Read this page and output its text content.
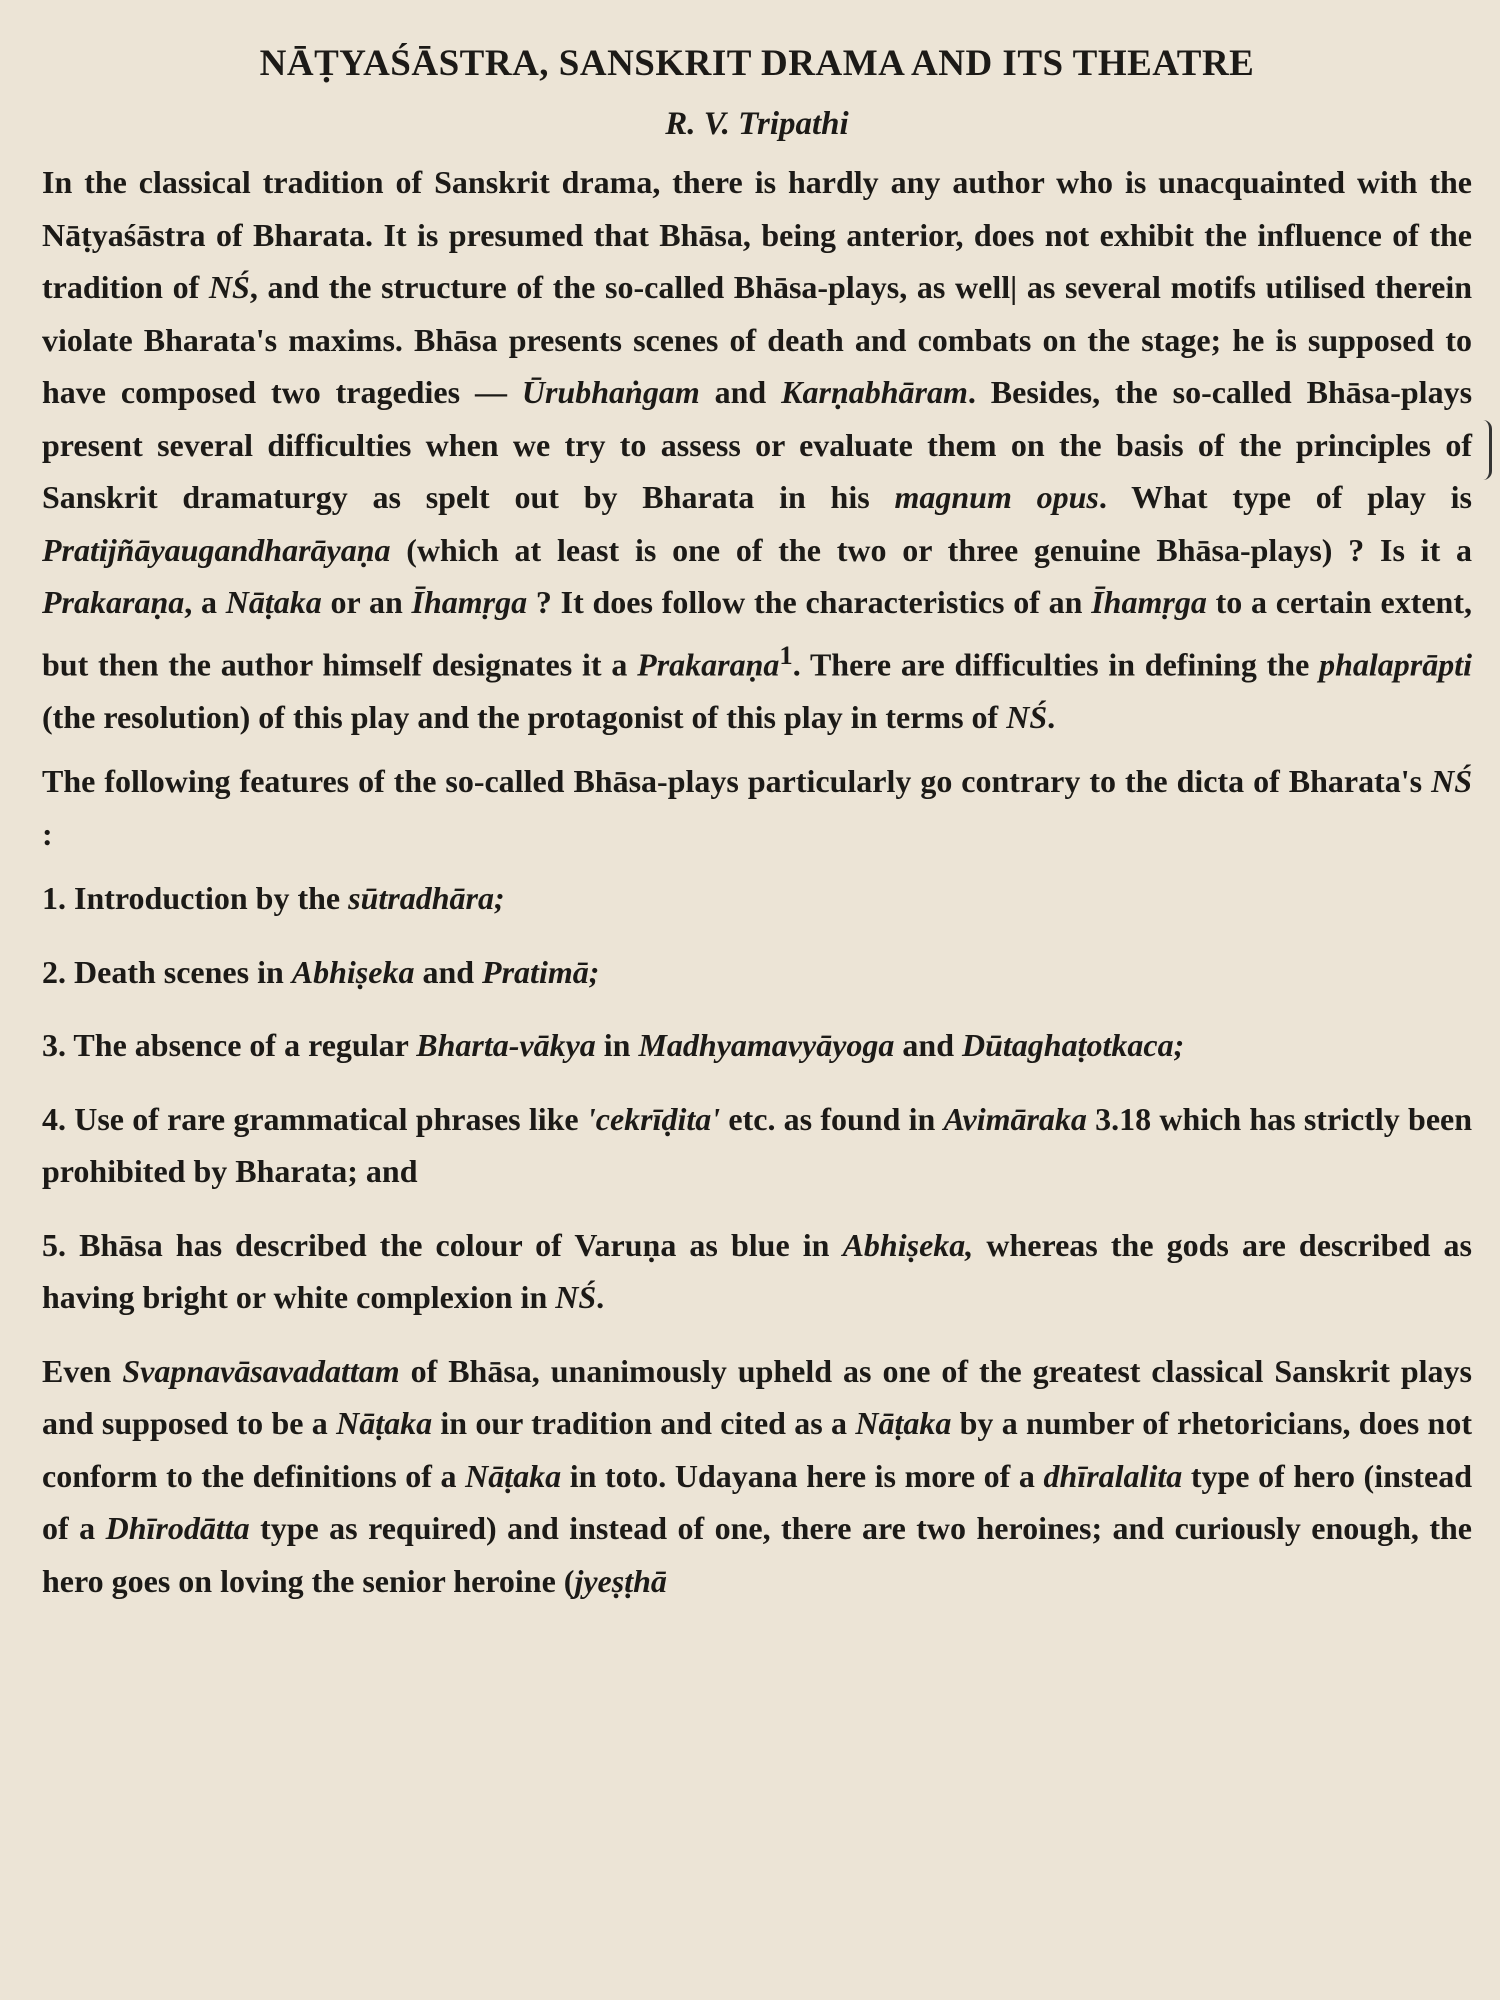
NĀṬYAŚĀSTRA, SANSKRIT DRAMA AND ITS THEATRE
R. V. Tripathi

In the classical tradition of Sanskrit drama, there is hardly any author who is unacquainted with the Nāṭyaśāstra of Bharata. It is presumed that Bhāsa, being anterior, does not exhibit the influence of the tradition of NŚ, and the structure of the so-called Bhāsa-plays, as well| as several motifs utilised therein violate Bharata's maxims. Bhāsa presents scenes of death and combats on the stage; he is supposed to have composed two tragedies — Ūrubhaṅgam and Karṇabhāram. Besides, the so-called Bhāsa-plays present several difficulties when we try to assess or evaluate them on the basis of the principles of Sanskrit dramaturgy as spelt out by Bharata in his magnum opus. What type of play is Pratijñāyaugandharāyaṇa (which at least is one of the two or three genuine Bhāsa-plays) ? Is it a Prakaraṇa, a Nāṭaka or an Īhamṛga ? It does follow the characteristics of an Īhamṛga to a certain extent, but then the author himself designates it a Prakaraṇa$^1$. There are difficulties in defining the phalaprāpti (the resolution) of this play and the protagonist of this play in terms of NŚ.

The following features of the so-called Bhāsa-plays particularly go contrary to the dicta of Bharata's NŚ :

1. Introduction by the sūtradhāra;

2. Death scenes in Abhiṣeka and Pratimā;

3. The absence of a regular Bharta-vākya in Madhyamavyāyoga and Dūtaghaṭotkaca;

4. Use of rare grammatical phrases like 'cekrīḍita' etc. as found in Avimāraka 3.18 which has strictly been prohibited by Bharata; and

5. Bhāsa has described the colour of Varuṇa as blue in Abhiṣeka, whereas the gods are described as having bright or white complexion in NŚ.

Even Svapnavāsavadattam of Bhāsa, unanimously upheld as one of the greatest classical Sanskrit plays and supposed to be a Nāṭaka in our tradition and cited as a Nāṭaka by a number of rhetoricians, does not conform to the definitions of a Nāṭaka in toto. Udayana here is more of a dhīralalita type of hero (instead of a Dhīrodātta type as required) and instead of one, there are two heroines; and curiously enough, the hero goes on loving the senior heroine (jyeṣṭhā
